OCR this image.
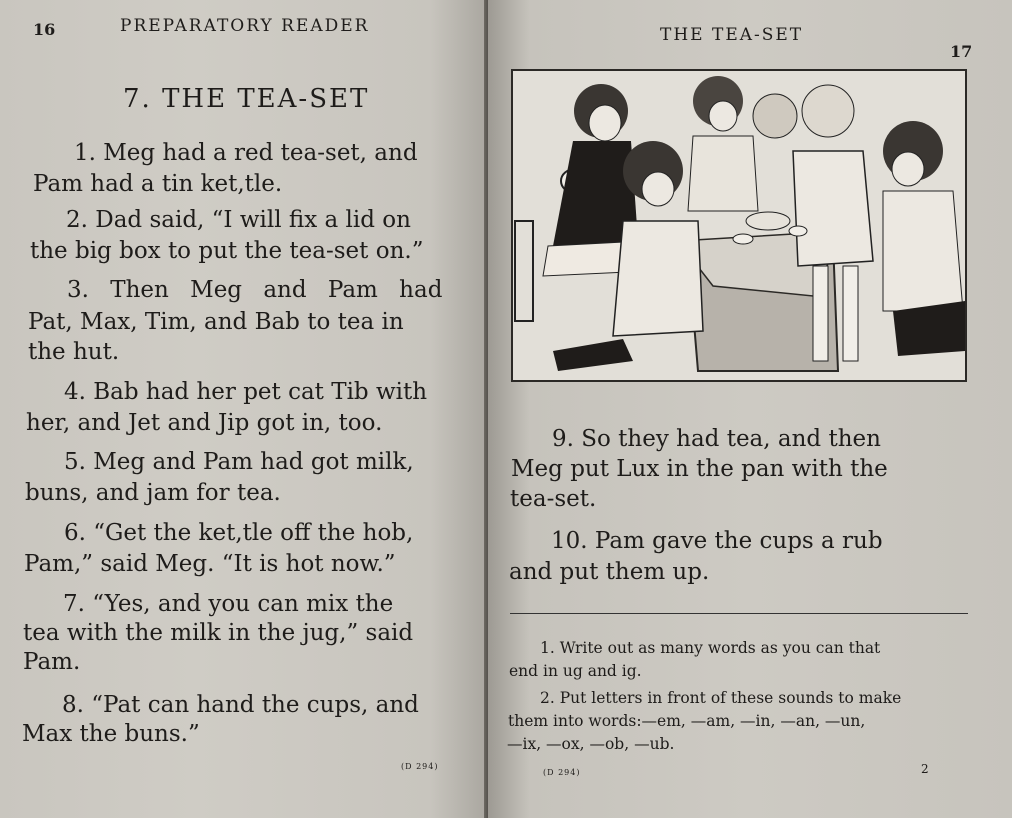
16	PREPARATORY READER

7. THE TEA-SET

1. Meg had a red tea-set, and

Pam had a tin ket,tle.

2. Dad said, “I will fix a lid on

the big box to put the tea-set on.”

3. Then Meg and Pam had

Pat, Max, Tim, and Bab to tea in

the hut.

4. Bab had her pet cat Tib with

her, and Jet and Jip got in, too.

5. Meg and Pam had got milk,

buns, and jam for tea.

6. “Get the ket,tle off the hob,

Pam,” said Meg. “It is hot now.”

7. “Yes, and you can mix the

tea with the milk in the jug,” said

Pam.

8. “Pat can hand the cups, and

Max the buns.”

(D 294)

THE TEA-SET

17

9. So they had tea, and then

Meg put Lux in the pan with the

tea-set.

10. Pam gave the cups a rub

and put them up.

1. Write out as many words as you can that

end in ug and ig.

2. Put letters in front of these sounds to make

them into words:—em, —am, —in, —an, —un,

—ix, —ox, —ob, —ub.

(D 294)	2
